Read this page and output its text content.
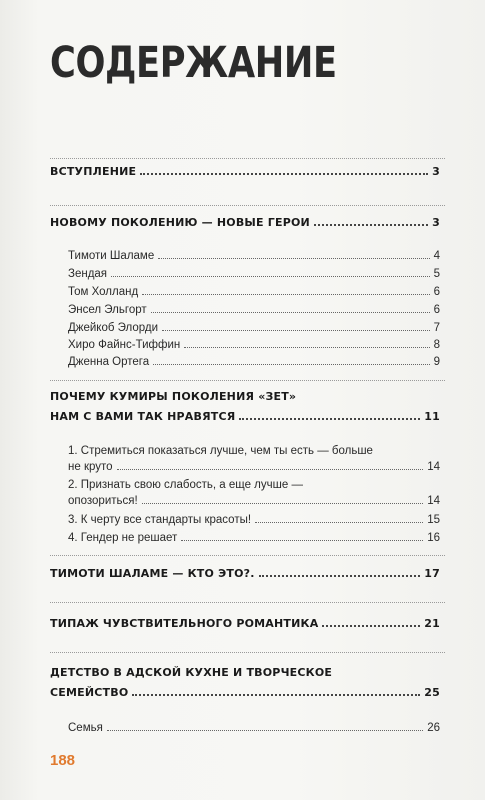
СОДЕРЖАНИЕ
ВСТУПЛЕНИЕ	3
НОВОМУ ПОКОЛЕНИЮ — НОВЫЕ ГЕРОИ	3
Тимоти Шаламе	4
Зендая	5
Том Холланд	6
Энсел Эльгорт	6
Джейкоб Элорди	7
Хиро Файнс-Тиффин	8
Дженна Ортега	9
ПОЧЕМУ КУМИРЫ ПОКОЛЕНИЯ «ЗЕТ»
НАМ С ВАМИ ТАК НРАВЯТСЯ	11
1. Стремиться показаться лучше, чем ты есть — больше
не круто	14
2. Признать свою слабость, а еще лучше —
опозориться!	14
3. К черту все стандарты красоты!	15
4. Гендер не решает	16
ТИМОТИ ШАЛАМЕ — КТО ЭТО?.	17
ТИПАЖ ЧУВСТВИТЕЛЬНОГО РОМАНТИКА	21
ДЕТСТВО В АДСКОЙ КУХНЕ И ТВОРЧЕСКОЕ
СЕМЕЙСТВО	25
Семья	26
188
